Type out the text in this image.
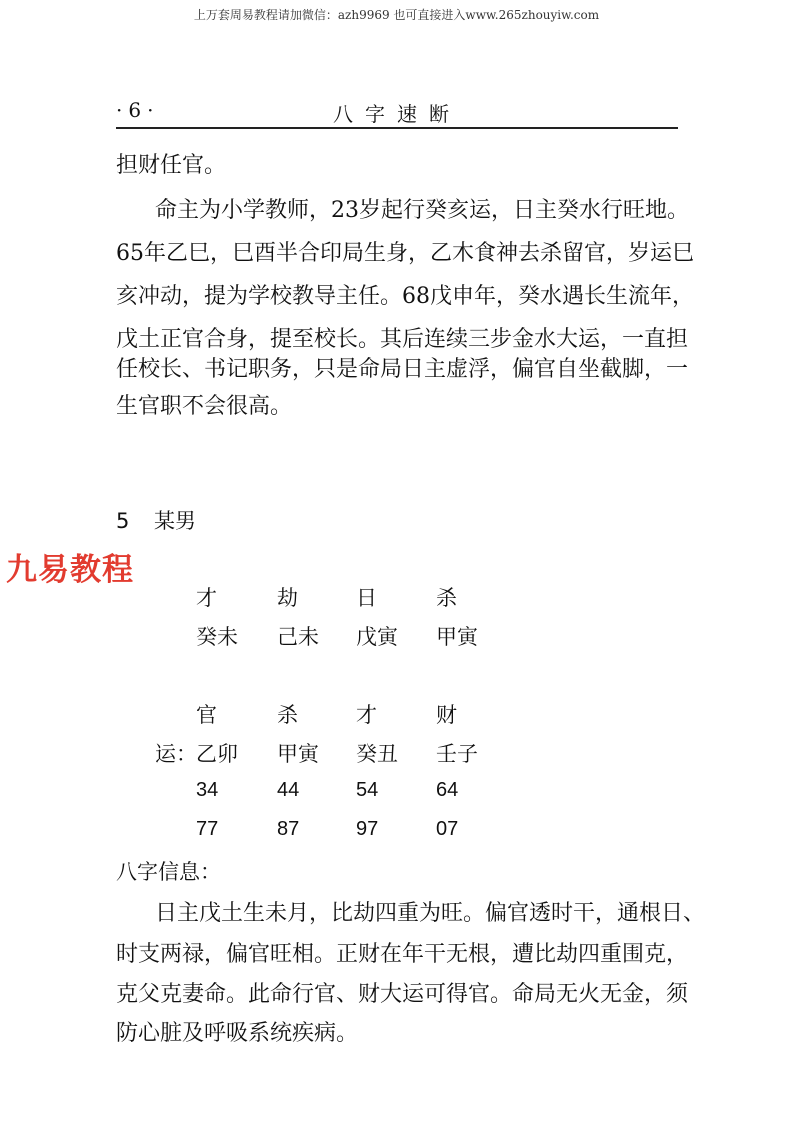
上万套周易教程请加微信：azh9969 也可直接进入www.265zhouyiw.com
·6·	八字速断
担财任官。
命主为小学教师，23岁起行癸亥运，日主癸水行旺地。
65年乙巳，巳酉半合印局生身，乙木食神去杀留官，岁运巳
亥冲动，提为学校教导主任。68戊申年，癸水遇长生流年，
戊土正官合身，提至校长。其后连续三步金水大运，一直担
任校长、书记职务，只是命局日主虚浮，偏官自坐截脚，一
生官职不会很高。
5 某男
九易教程
才	劫	日	杀
癸未 己未 戊寅 甲寅
官	杀	才	财
运： 乙卯 甲寅 癸丑 壬子
34	44	54	64
77	87	97	07
八字信息：
日主戊土生未月，比劫四重为旺。偏官透时干，通根日、
时支两禄，偏官旺相。正财在年干无根，遭比劫四重围克，
克父克妻命。此命行官、财大运可得官。命局无火无金，须
防心脏及呼吸系统疾病。
